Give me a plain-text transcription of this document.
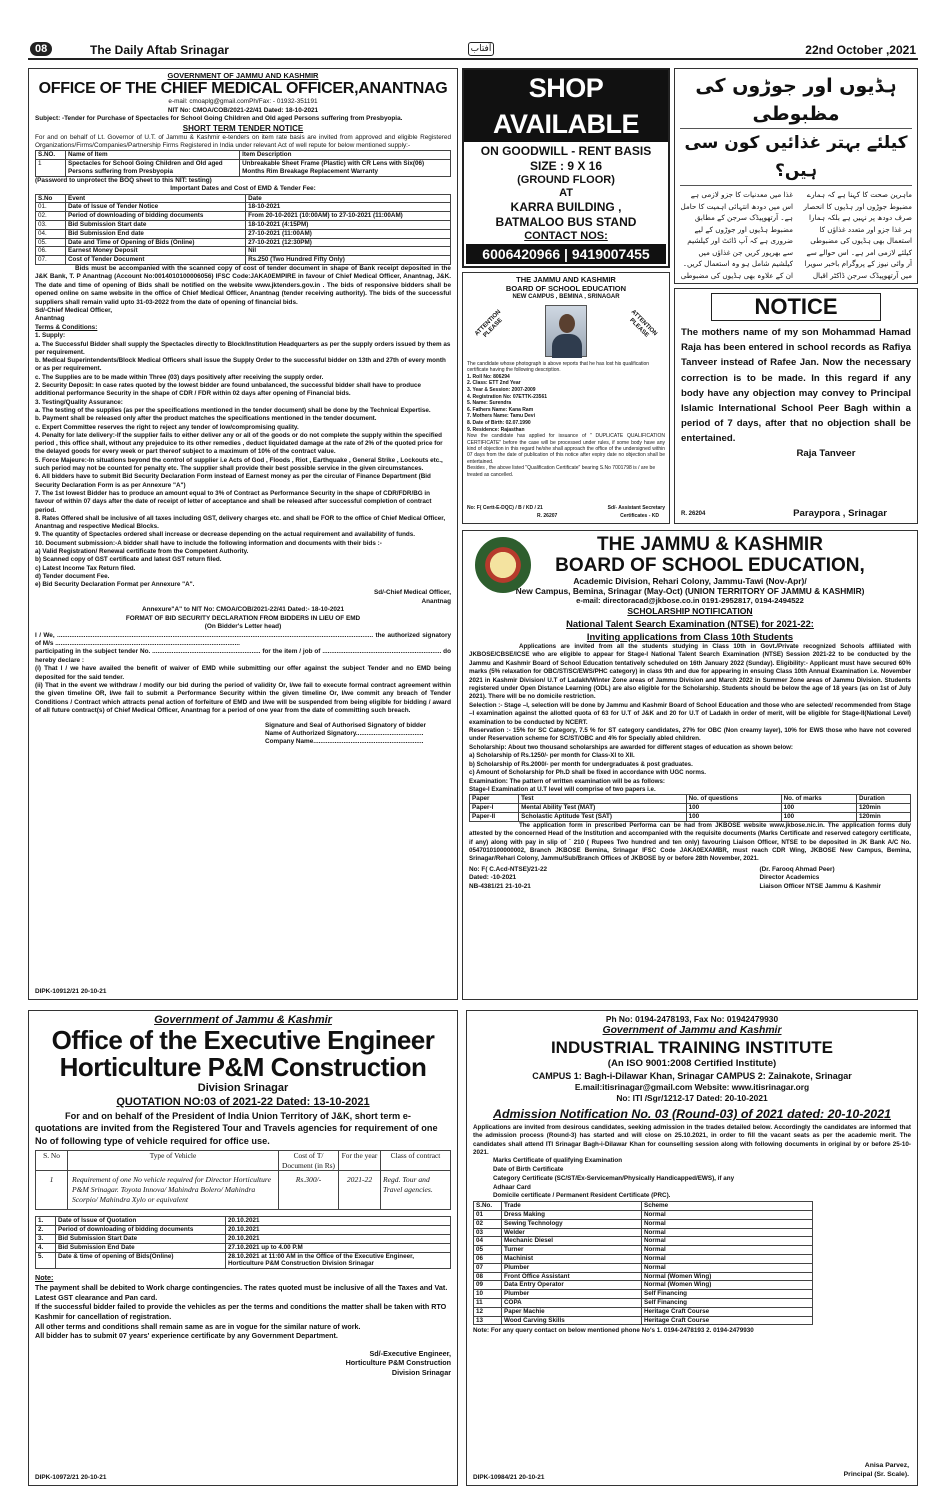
08	The Daily Aftab Srinagar	آفتاب	22nd October ,2021
GOVERNMENT OF JAMMU AND KASHMIR
OFFICE OF THE CHIEF MEDICAL OFFICER,ANANTNAG
e-mail: cmoaplg@gmail.comPh/Fax: - 01932-351191
NIT No: CMOA/COB/2021-22/41 Dated: 18-10-2021
Subject: -Tender for Purchase of Spectacles for School Going Children and Old aged Persons suffering from Presbyopia.
SHORT TERM TENDER NOTICE
For and on behalf of Lt. Governor of U.T. of Jammu & Kashmir e-tenders on item rate basis are invited from approved and eligible Registered Organizations/Firms/Companies/Partnership Firms Registered in India under relevant Act of well repute for below mentioned supply:-
S.NO.	Name of Item	Item Description
1	Spectacles for School Going Children and Old aged Persons suffering from Presbyopia	Unbreakable Sheet Frame (Plastic) with CR Lens with Six(06) Months Rim Breakage Replacement Warranty
(Password to unprotect the BOQ sheet to this NIT: testing)
Important Dates and Cost of EMD & Tender Fee:
S.No	Event	Date
01.	Date of Issue of Tender Notice	18-10-2021
02.	Period of downloading of bidding documents	From 20-10-2021 (10:00AM) to 27-10-2021 (11:00AM)
03.	Bid Submission Start date	18-10-2021 (4:15PM)
04.	Bid Submission End date	27-10-2021 (11:00AM)
05.	Date and Time of Opening of Bids (Online)	27-10-2021 (12:30PM)
06.	Earnest Money Deposit	Nil
07.	Cost of Tender Document	Rs.250 (Two Hundred Fifty Only)
Bids must be accompanied with the scanned copy of cost of tender document in shape of Bank receipt deposited in the J&K Bank, T. P Anantnag (Account No:0014010100006056) IFSC Code:JAKA0EMPIRE in favour of Chief Medical Officer, Anantnag, J&K. The date and time of opening of Bids shall be notified on the website www.jktenders.gov.in . The bids of responsive bidders shall be opened online on same website in the office of Chief Medical Officer, Anantnag (tender receiving authority). The bids of the successful suppliers shall remain valid upto 31-03-2022 from the date of opening of financial bids.
Sd/-Chief Medical Officer,
Anantnag
Terms & Conditions:
1. Supply:
a. The Successful Bidder shall supply the Spectacles directly to Block/Institution Headquarters as per the supply orders issued by them as per requirement.
b. Medical Superintendents/Block Medical Officers shall issue the Supply Order to the successful bidder on 13th and 27th of every month or as per requirement.
c. The Supplies are to be made within Three (03) days positively after receiving the supply order.
2. Security Deposit: In case rates quoted by the lowest bidder are found unbalanced, the successful bidder shall have to produce additional performance Security in the shape of CDR / FDR within 02 days after opening of Financial bids.
3. Testing/Quality Assurance:
a. The testing of the supplies (as per the specifications mentioned in the tender document) shall be done by the Technical Expertise.
b. Payment shall be released only after the product matches the specifications mentioned in the tender document.
c. Expert Committee reserves the right to reject any tender of low/compromising quality.
4. Penalty for late delivery:-If the supplier fails to either deliver any or all of the goods or do not complete the supply within the specified period , this office shall, without any prejeduice to its other remedies , deduct liquidated damage at the rate of 2% of the quoted price for the delayed goods for every week or part thereof subject to a maximum of 10% of the contract value.
5. Force Majeure:-In situations beyond the control of supplier i.e Acts of God , Floods , Riot , Earthquake , General Strike , Lockouts etc., such period may not be counted for penalty etc. The supplier shall provide their best possible service in the given circumstances.
6. All bidders have to submit Bid Security Declaration Form instead of Earnest money as per the circular of Finance Department (Bid Security Declaration Form is as per Annexure "A")
7. The 1st lowest Bidder has to produce an amount equal to 3% of Contract as Performance Security in the shape of CDR/FDR/BG in favour of within 07 days after the date of receipt of letter of acceptance and shall be released after successful completion of contract period.
8. Rates Offered shall be inclusive of all taxes including GST, delivery charges etc. and shall be FOR to the office of Chief Medical Officer, Anantnag and respective Medical Blocks.
9. The quantity of Spectacles ordered shall increase or decrease depending on the actual requirement and availability of funds.
10. Document submission:-A bidder shall have to include the following information and documents with their bids :-
a) Valid Registration/ Renewal certificate from the Competent Authority.
b) Scanned copy of GST certificate and latest GST return filed.
c) Latest Income Tax Return filed.
d) Tender document Fee.
e) Bid Security Declaration Format per Annexure "A".
Sd/-Chief Medical Officer,
Anantnag
Annexure"A" to NIT No: CMOA/COB/2021-22/41 Dated:- 18-10-2021
FORMAT OF BID SECURITY DECLARATION FROM BIDDERS IN LIEU OF EMD
(On Bidder's Letter head)
I / We, .................................................................................................................................................................................. the authorized signatory of M/s ........................................................................................................
participating in the subject tender No. ............................................................. for the item / job of ................................................................... do hereby declare :
(i) That I / we have availed the benefit of waiver of EMD while submitting our offer against the subject Tender and no EMD being deposited for the said tender.
(ii) That in the event we withdraw / modify our bid during the period of validity Or, I/we fail to execute formal contract agreement within the given timeline OR, I/we fail to submit a Performance Security within the given timeline Or, I/we commit any breach of Tender Conditions / Contract which attracts penal action of forfeiture of EMD and I/we will be suspended from being eligible for bidding / award of all future contract(s) of Chief Medical Officer, Anantnag for a period of one year from the date of committing such breach.
Signature and Seal of Authorised Signatory of bidder
Name of Authorized Signatory......................................
Company Name..............................................................
DIPK-10912/21 20-10-21
SHOP AVAILABLE
ON GOODWILL - RENT BASIS
SIZE : 9 X 16
(GROUND FLOOR)
AT
KARRA BUILDING ,
BATMALOO BUS STAND
CONTACT NOS:
6006420966 | 9419007455
THE JAMMU AND KASHMIR
BOARD OF SCHOOL EDUCATION
NEW CAMPUS , BEMINA , SRINAGAR
ATTENTION PLEASE	ATTENTION PLEASE
The candidate whose photograph is above reports that he has lost his qualification certificate having the following description.
1. Roll No: 806294
2. Class: ETT 2nd Year
3. Year & Session: 2007-2009
4. Registration No: 07ETTK-23561
5. Name: Surendra
6. Fathers Name: Kana Ram
7. Mothers Name: Tamu Devi
8. Date of Birth: 02.07.1990
9. Residence: Rajasthan
Now the candidate has applied for issuance of " DUPLICATE QUALIFICATION CERTIFICATE" before the case will be processed under rules, if some body have any kind of objection in this regard he/she shall approach the office of the undersigned within 07 days from the date of publication of this notice after expiry date no objection shall be entertained.
Besides , the above listed "Qualification Certificate" bearing S.No 7001798 is / are be treated as cancelled.
No: F( Certt-E-DQC) / B / KD / 21
R. 26207
Sd/- Assistant Secretary
Certificates - KD
ہڈیوں اور جوڑوں کی مظبوطی
کیلئے بہتر غذائیں کون سی ہیں؟
غذا میں معدنیات کا جزو لازمی ہے اس میں دودھ انتہائی اہمیت کا حامل ہے۔ آرتھوپیڈک سرجن کے مطابق مضبوط ہڈیوں اور جوڑوں کے لیے ضروری ہے کہ آپ ڈائٹ اور کیلشیم سے بھرپور کریں جن غذاؤں میں کیلشیم شامل ہو وہ استعمال کریں۔ ان کے علاوہ بھی ہڈیوں کی مضبوطی
ماہرین صحت کا کہنا ہے کہ ہمارے مضبوط جوڑوں اور ہڈیوں کا انحصار صرف دودھ پر نہیں ہے بلکہ ہمارا ہر غذا جزو اور متعدد غذاؤں کا استعمال بھی ہڈیوں کی مضبوطی کیلئے لازمی امر ہے۔ اس حوالے سے آر وائی نیوز کے پروگرام باخبر سویرا میں آرتھوپیڈک سرجن ڈاکٹر اقبال
NOTICE
The mothers name of my son Mohammad Hamad Raja has been entered in school records as Rafiya Tanveer instead of Rafee Jan. Now the necessary correction is to be made. In this regard if any body have any objection may convey to Principal Islamic International School Peer Bagh within a period of 7 days, after that no objection shall be entertained.
Raja Tanveer
R. 26204	Paraypora , Srinagar
THE JAMMU & KASHMIR
BOARD OF SCHOOL EDUCATION,
Academic Division, Rehari Colony, Jammu-Tawi (Nov-Apr)/
New Campus, Bemina, Srinagar (May-Oct) (UNION TERRITORY OF JAMMU & KASHMIR)
e-mail: directoracad@jkbose.co.in 0191-2952817, 0194-2494522
SCHOLARSHIP NOTIFICATION
National Talent Search Examination (NTSE) for 2021-22:
Inviting applications from Class 10th Students
Applications are invited from all the students studying in Class 10th in Govt./Private recognized Schools affiliated with JKBOSE/CBSE/ICSE who are eligible to appear for Stage-I National Talent Search Examination (NTSE) Session 2021-22 to be conducted by the Jammu and Kashmir Board of School Education tentatively scheduled on 16th January 2022 (Sunday). Eligibility:- Applicant must have secured 60% marks (5% relaxation for OBC/ST/SC/EWS/PHC category) in class 9th and due for appearing in ensuing Class 10th Annual Examination i.e. November 2021 in Kashmir Division/ U.T of Ladakh/Winter Zone areas of Jammu Division and March 2022 in Summer Zone areas of Jammu Division. Students registered under Open Distance Learning (ODL) are also eligible for the Scholarship. Students should be below the age of 18 years (as on 1st of July 2021). There will be no domicile restriction.
Selection :- Stage –I, selection will be done by Jammu and Kashmir Board of School Education and those who are selected/ recommended from Stage –I examination against the allotted quota of 63 for U.T of J&K and 20 for U.T of Ladakh in order of merit, will be eligible for Stage-II(National Level) examination to be conducted by NCERT.
Reservation :- 15% for SC Category, 7.5 % for ST category candidates, 27% for OBC (Non creamy layer), 10% for EWS those who have not covered under Reservation scheme for SC/ST/OBC and 4% for Specially abled children.
Scholarship: About two thousand scholarships are awarded for different stages of education as shown below:
a) Scholarship of Rs.1250/- per month for Class-XI to XII.
b) Scholarship of Rs.2000/- per month for undergraduates & post graduates.
c) Amount of Scholarship for Ph.D shall be fixed in accordance with UGC norms.
Examination: The pattern of written examination will be as follows:
Stage-I Examination at U.T level will comprise of two papers i.e.
Paper	Test	No. of questions	No. of marks	Duration
Paper-I	Mental Ability Test (MAT)	100	100	120min
Paper-II	Scholastic Aptitude Test (SAT)	100	100	120min
The application form in prescribed Performa can be had from JKBOSE website www.jkbose.nic.in. The application forms duly attested by the concerned Head of the Institution and accompanied with the requisite documents (Marks Certificate and reserved category certificate, if any) along with pay in slip of ` 210 ( Rupees Two hundred and ten only) favouring Liaison Officer, NTSE to be deposited in JK Bank A/C No. 0547010100000002, Branch JKBOSE Bemina, Srinagar IFSC Code JAKA0EXAMBR, must reach CDR Wing, JKBOSE New Campus, Bemina, Srinagar/Rehari Colony, Jammu/Sub/Branch Offices of JKBOSE by or before 28th November, 2021.
No: F( C.Acd-NTSE)/21-22
Dated: -10-2021
NB-4381/21 21-10-21
(Dr. Farooq Ahmad Peer)
Director Academics
Liaison Officer NTSE Jammu & Kashmir
Government of Jammu & Kashmir
Office of the Executive Engineer
Horticulture P&M Construction
Division Srinagar
QUOTATION NO:03 of 2021-22 Dated: 13-10-2021
For and on behalf of the President of India Union Territory of J&K, short term e-quotations are invited from the Registered Tour and Travels agencies for requirement of one No of following type of vehicle required for office use.
S. No	Type of Vehicle	Cost of T/ Document (in Rs)	For the year	Class of contract
1	Requirement of one No vehicle required for Director Horticulture P&M Srinagar. Toyota Innova/ Mahindra Bolero/ Mahindra Scorpio/ Mahindra Xylo or equivalent	Rs.300/-	2021-22	Regd. Tour and Travel agencies.
1.	Date of Issue of Quotation	20.10.2021
2.	Period of downloading of bidding documents	20.10.2021
3.	Bid Submission Start Date	20.10.2021
4.	Bid Submission End Date	27.10.2021 up to 4.00 P.M
5.	Date & time of opening of Bids(Online)	28.10.2021 at 11:00 AM in the Office of the Executive Engineer, Horticulture P&M Construction Division Srinagar
Note:
The payment shall be debited to Work charge contingencies. The rates quoted must be inclusive of all the Taxes and Vat. Latest GST clearance and Pan card.
If the successful bidder failed to provide the vehicles as per the terms and conditions the matter shall be taken with RTO Kashmir for cancellation of registration.
All other terms and conditions shall remain same as are in vogue for the similar nature of work.
All bidder has to submit 07 years' experience certificate by any Government Department.
Sd/-Executive Engineer,
Horticulture P&M Construction
Division Srinagar
DIPK-10972/21 20-10-21
Ph No: 0194-2478193, Fax No: 01942479930
Government of Jammu and Kashmir
INDUSTRIAL TRAINING INSTITUTE
(An ISO 9001:2008 Certified Institute)
CAMPUS 1: Bagh-i-Dilawar Khan, Srinagar CAMPUS 2: Zainakote, Srinagar
E.mail:itisrinagar@gmail.com Website: www.itisrinagar.org
No: ITI /Sgr/1212-17 Dated: 20-10-2021
Admission Notification No. 03 (Round-03) of 2021 dated: 20-10-2021
Applications are invited from desirous candidates, seeking admission in the trades detailed below. Accordingly the candidates are informed that the admission process (Round-3) has started and will close on 25.10.2021, in order to fill the vacant seats as per the academic merit. The candidates shall attend ITI Srinagar Bagh-i-Dilawar Khan for counselling session along with following documents in original by or before 25-10-2021.
Marks Certificate of qualifying Examination
Date of Birth Certificate
Category Certificate (SC/ST/Ex-Serviceman/Physically Handicapped/EWS), if any
Adhaar Card
Domicile certificate / Permanent Resident Certificate (PRC).
S.No.	Trade	Scheme
01	Dress Making	Normal
02	Sewing Technology	Normal
03	Welder	Normal
04	Mechanic Diesel	Normal
05	Turner	Normal
06	Machinist	Normal
07	Plumber	Normal
08	Front Office Assistant	Normal (Women Wing)
09	Data Entry Operator	Normal (Women Wing)
10	Plumber	Self Financing
11	COPA	Self Financing
12	Paper Machie	Heritage Craft Course
13	Wood Carving Skills	Heritage Craft Course
Note: For any query contact on below mentioned phone No's 1. 0194-2478193 2. 0194-2479930
Anisa Parvez,
Principal (Sr. Scale).
DIPK-10984/21 20-10-21
